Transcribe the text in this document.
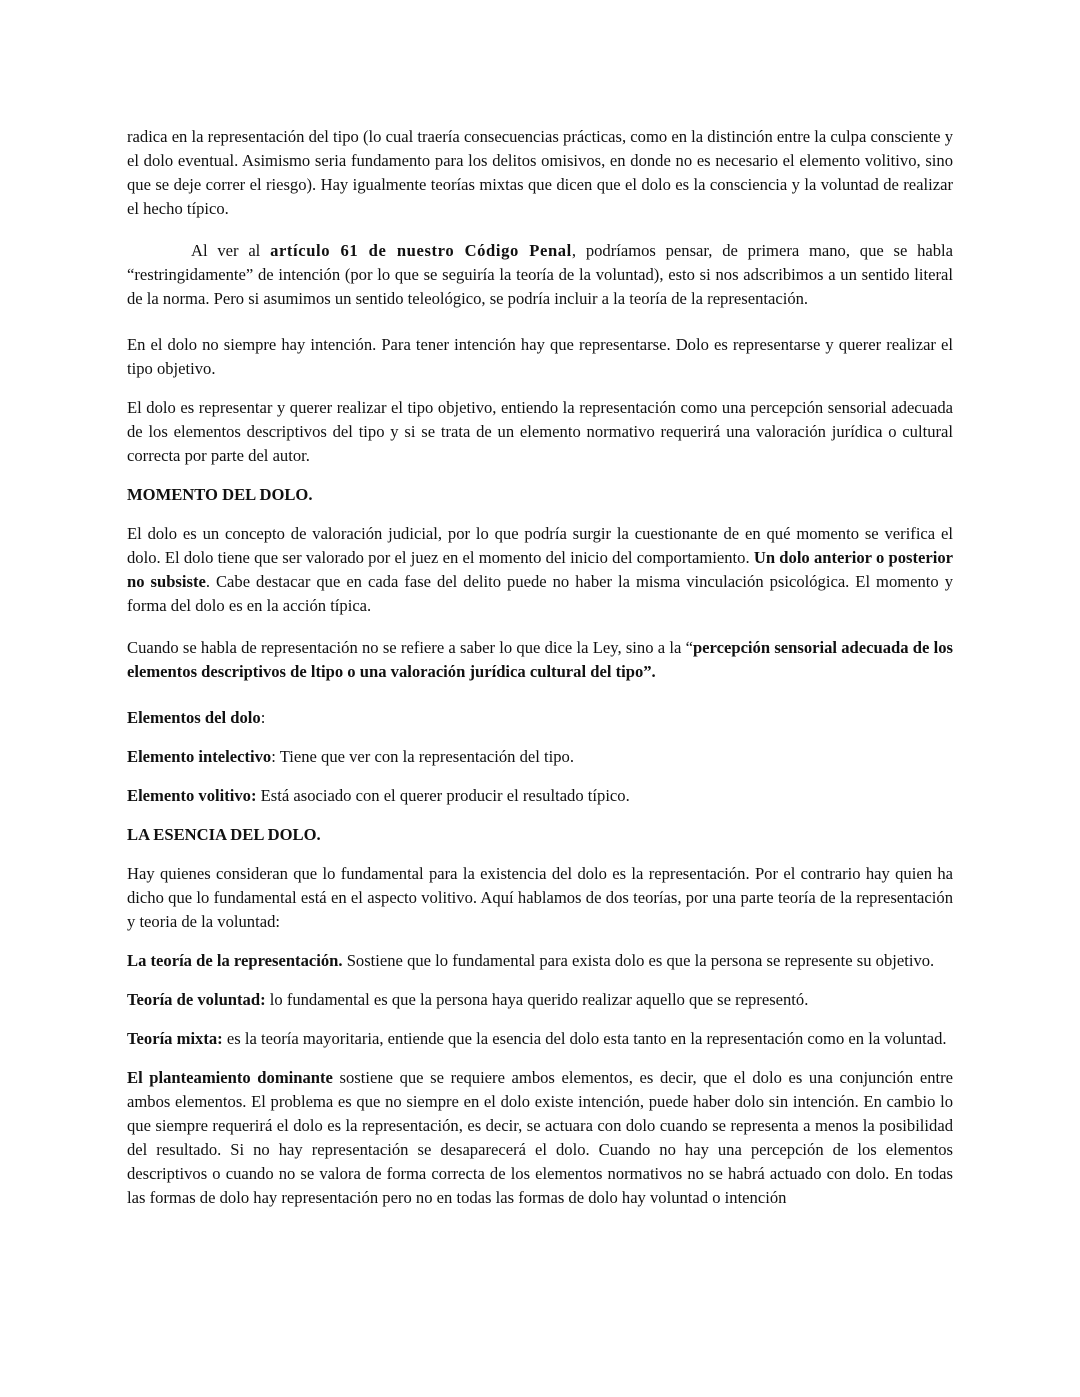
radica en la representación del tipo (lo cual traería consecuencias prácticas, como en la distinción entre la culpa consciente y el dolo eventual. Asimismo seria fundamento para los delitos omisivos, en donde no es necesario el elemento volitivo, sino que se deje correr el riesgo). Hay igualmente teorías mixtas que dicen que el dolo es la consciencia y la voluntad de realizar el hecho típico.

Al ver al artículo 61 de nuestro Código Penal, podríamos pensar, de primera mano, que se habla “restringidamente” de intención (por lo que se seguiría la teoría de la voluntad), esto si nos adscribimos a un sentido literal de la norma. Pero si asumimos un sentido teleológico, se podría incluir a la teoría de la representación.

En el dolo no siempre hay intención. Para tener intención hay que representarse. Dolo es representarse y querer realizar el tipo objetivo.

El dolo es representar y querer realizar el tipo objetivo, entiendo la representación como una percepción sensorial adecuada de los elementos descriptivos del tipo y si se trata de un elemento normativo requerirá una valoración jurídica o cultural correcta por parte del autor.

MOMENTO DEL DOLO.

El dolo es un concepto de valoración judicial, por lo que podría surgir la cuestionante de en qué momento se verifica el dolo. El dolo tiene que ser valorado por el juez en el momento del inicio del comportamiento. Un dolo anterior o posterior no subsiste. Cabe destacar que en cada fase del delito puede no haber la misma vinculación psicológica. El momento y forma del dolo es en la acción típica.

Cuando se habla de representación no se refiere a saber lo que dice la Ley, sino a la “percepción sensorial adecuada de los elementos descriptivos de ltipo o una valoración jurídica cultural del tipo”.

Elementos del dolo:

Elemento intelectivo: Tiene que ver con la representación del tipo.

Elemento volitivo: Está asociado con el querer producir el resultado típico.

LA ESENCIA DEL DOLO.

Hay quienes consideran que lo fundamental para la existencia del dolo es la representación. Por el contrario hay quien ha dicho que lo fundamental está en el aspecto volitivo. Aquí hablamos de dos teorías, por una parte teoría de la representación y teoria de la voluntad:

La teoría de la representación. Sostiene que lo fundamental para exista dolo es que la persona se represente su objetivo.

Teoría de voluntad: lo fundamental es que la persona haya querido realizar aquello que se representó.

Teoría mixta: es la teoría mayoritaria, entiende que la esencia del dolo esta tanto en la representación como en la voluntad.

El planteamiento dominante sostiene que se requiere ambos elementos, es decir, que el dolo es una conjunción entre ambos elementos. El problema es que no siempre en el dolo existe intención, puede haber dolo sin intención. En cambio lo que siempre requerirá el dolo es la representación, es decir, se actuara con dolo cuando se representa a menos la posibilidad del resultado. Si no hay representación se desaparecerá el dolo. Cuando no hay una percepción de los elementos descriptivos o cuando no se valora de forma correcta de los elementos normativos no se habrá actuado con dolo. En todas las formas de dolo hay representación pero no en todas las formas de dolo hay voluntad o intención
